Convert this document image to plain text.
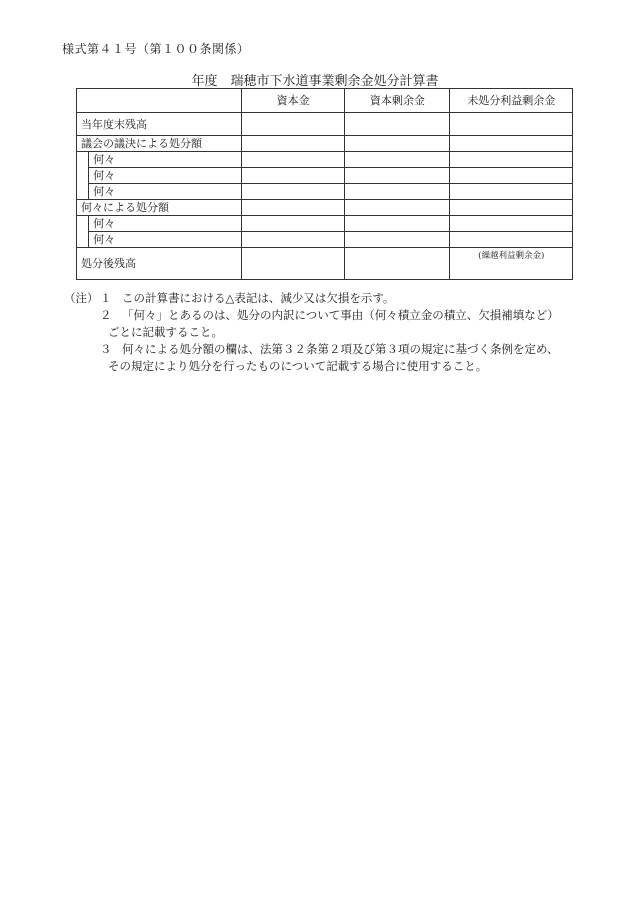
様式第４１号（第１００条関係）
年度　瑞穂市下水道事業剰余金処分計算書
		資本金	資本剰余金	未処分利益剰余金
当年度末残高				
議会の議決による処分額				
	何々			
	何々			
	何々			
何々による処分額				
	何々			
	何々			
処分後残高				(繰越利益剰余金)
（注） １ この計算書における△表記は、減少又は欠損を示す。
２ 「何々」とあるのは、処分の内訳について事由（何々積立金の積立、欠損補填など）
ごとに記載すること。
３ 何々による処分額の欄は、法第３２条第２項及び第３項の規定に基づく条例を定め、
その規定により処分を行ったものについて記載する場合に使用すること。
